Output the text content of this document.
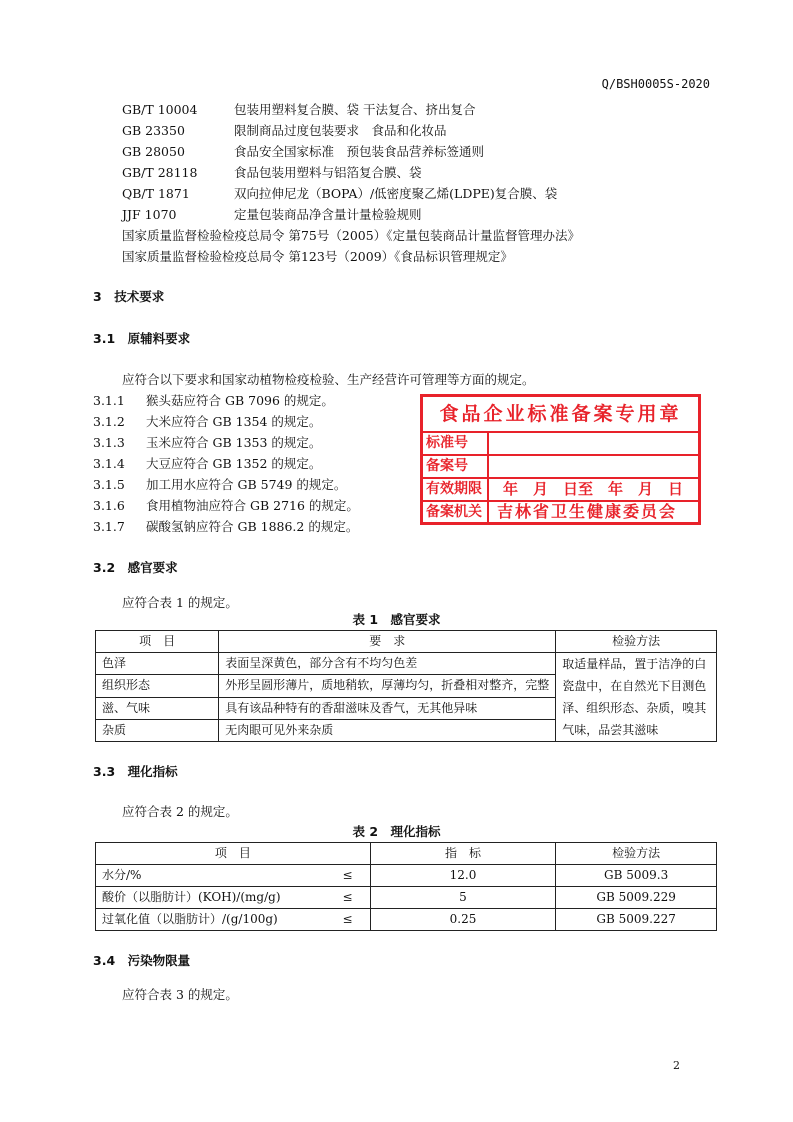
Q/BSH0005S-2020
GB/T 10004	包装用塑料复合膜、袋 干法复合、挤出复合
GB 23350	限制商品过度包装要求　食品和化妆品
GB 28050	食品安全国家标准　预包装食品营养标签通则
GB/T 28118	食品包装用塑料与铝箔复合膜、袋
QB/T 1871	双向拉伸尼龙（BOPA）/低密度聚乙烯(LDPE)复合膜、袋
JJF 1070	定量包装商品净含量计量检验规则
国家质量监督检验检疫总局令 第75号（2005）《定量包装商品计量监督管理办法》
国家质量监督检验检疫总局令 第123号（2009）《食品标识管理规定》
3　技术要求
3.1　原辅料要求
应符合以下要求和国家动植物检疫检验、生产经营许可管理等方面的规定。
3.1.1 猴头菇应符合 GB 7096 的规定。
3.1.2 大米应符合 GB 1354 的规定。
3.1.3 玉米应符合 GB 1353 的规定。
3.1.4 大豆应符合 GB 1352 的规定。
3.1.5 加工用水应符合 GB 5749 的规定。
3.1.6 食用植物油应符合 GB 2716 的规定。
3.1.7 碳酸氢钠应符合 GB 1886.2 的规定。
食品企业标准备案专用章
标准号
备案号
有效期限 年　月　日至　年　月　日
备案机关 吉林省卫生健康委员会
3.2　感官要求
应符合表 1 的规定。
表 1　感官要求
项　目	要　求	检验方法
色泽	表面呈深黄色，部分含有不均匀色差	取适量样品，置于洁净的白
瓷盘中，在自然光下目测色
泽、组织形态、杂质，嗅其
气味，品尝其滋味

组织形态	外形呈圆形薄片，质地稍软，厚薄均匀，折叠相对整齐，完整	
滋、气味	具有该品种特有的香甜滋味及香气，无其他异味	
杂质	无肉眼可见外来杂质	
3.3　理化指标
应符合表 2 的规定。
表 2　理化指标
项　目		指　标	检验方法
水分/%	≤	12.0	GB 5009.3
酸价（以脂肪计）(KOH)/(mg/g)	≤	5	GB 5009.229
过氧化值（以脂肪计）/(g/100g)	≤	0.25	GB 5009.227
3.4　污染物限量
应符合表 3 的规定。
2
